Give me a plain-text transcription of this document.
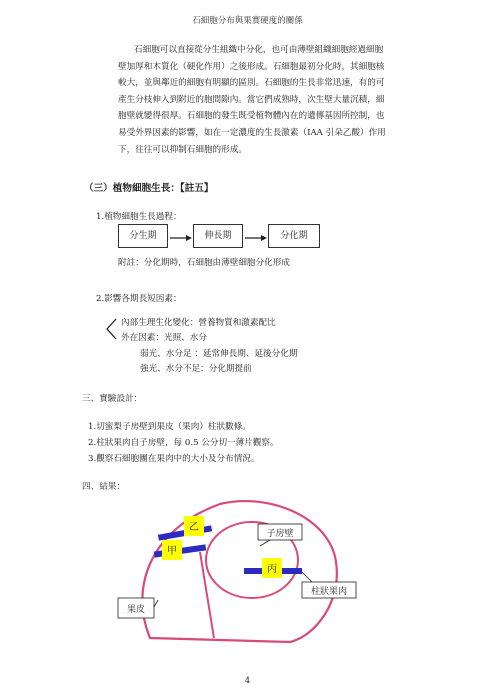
石細胞分布與果實硬度的關係
石細胞可以直接從分生組織中分化，也可由薄壁組織細胞經過細胞
壁加厚和木質化（硬化作用）之後形成。石細胞最初分化時，其細胞核
較大，並與鄰近的細胞有明顯的區別。石細胞的生長非常迅速，有的可
產生分枝伸入到附近的胞間隙內。當它們成熟時，次生壁大量沉積，細
胞壁就變得很厚。石細胞的發生既受植物體內在的遺傳基因所控制，也
易受外界因素的影響，如在一定濃度的生長激素（IAA 引朵乙酸）作用
下，往往可以抑制石細胞的形成。
（三）植物細胞生長：【註五】
1.植物細胞生長過程：
分生期	伸長期	分化期
附註：分化期時，石細胞由薄壁細胞分化形成
2.影響各期長短因素：
內部生理生化變化：營養物質和激素配比
外在因素：光照、水分
弱光、水分足 ：延常伸長期、延後分化期
強光、水分不足：分化期提前
三、實驗設計：
1.切蜜梨子房壁到果皮（果肉）柱狀數條。
2.柱狀果肉自子房壁，每 0.5 公分切一薄片觀察。
3.觀察石細胞團在果肉中的大小及分布情況。
四、結果：
乙
甲
丙
子房壁
柱狀果肉
果皮
4
